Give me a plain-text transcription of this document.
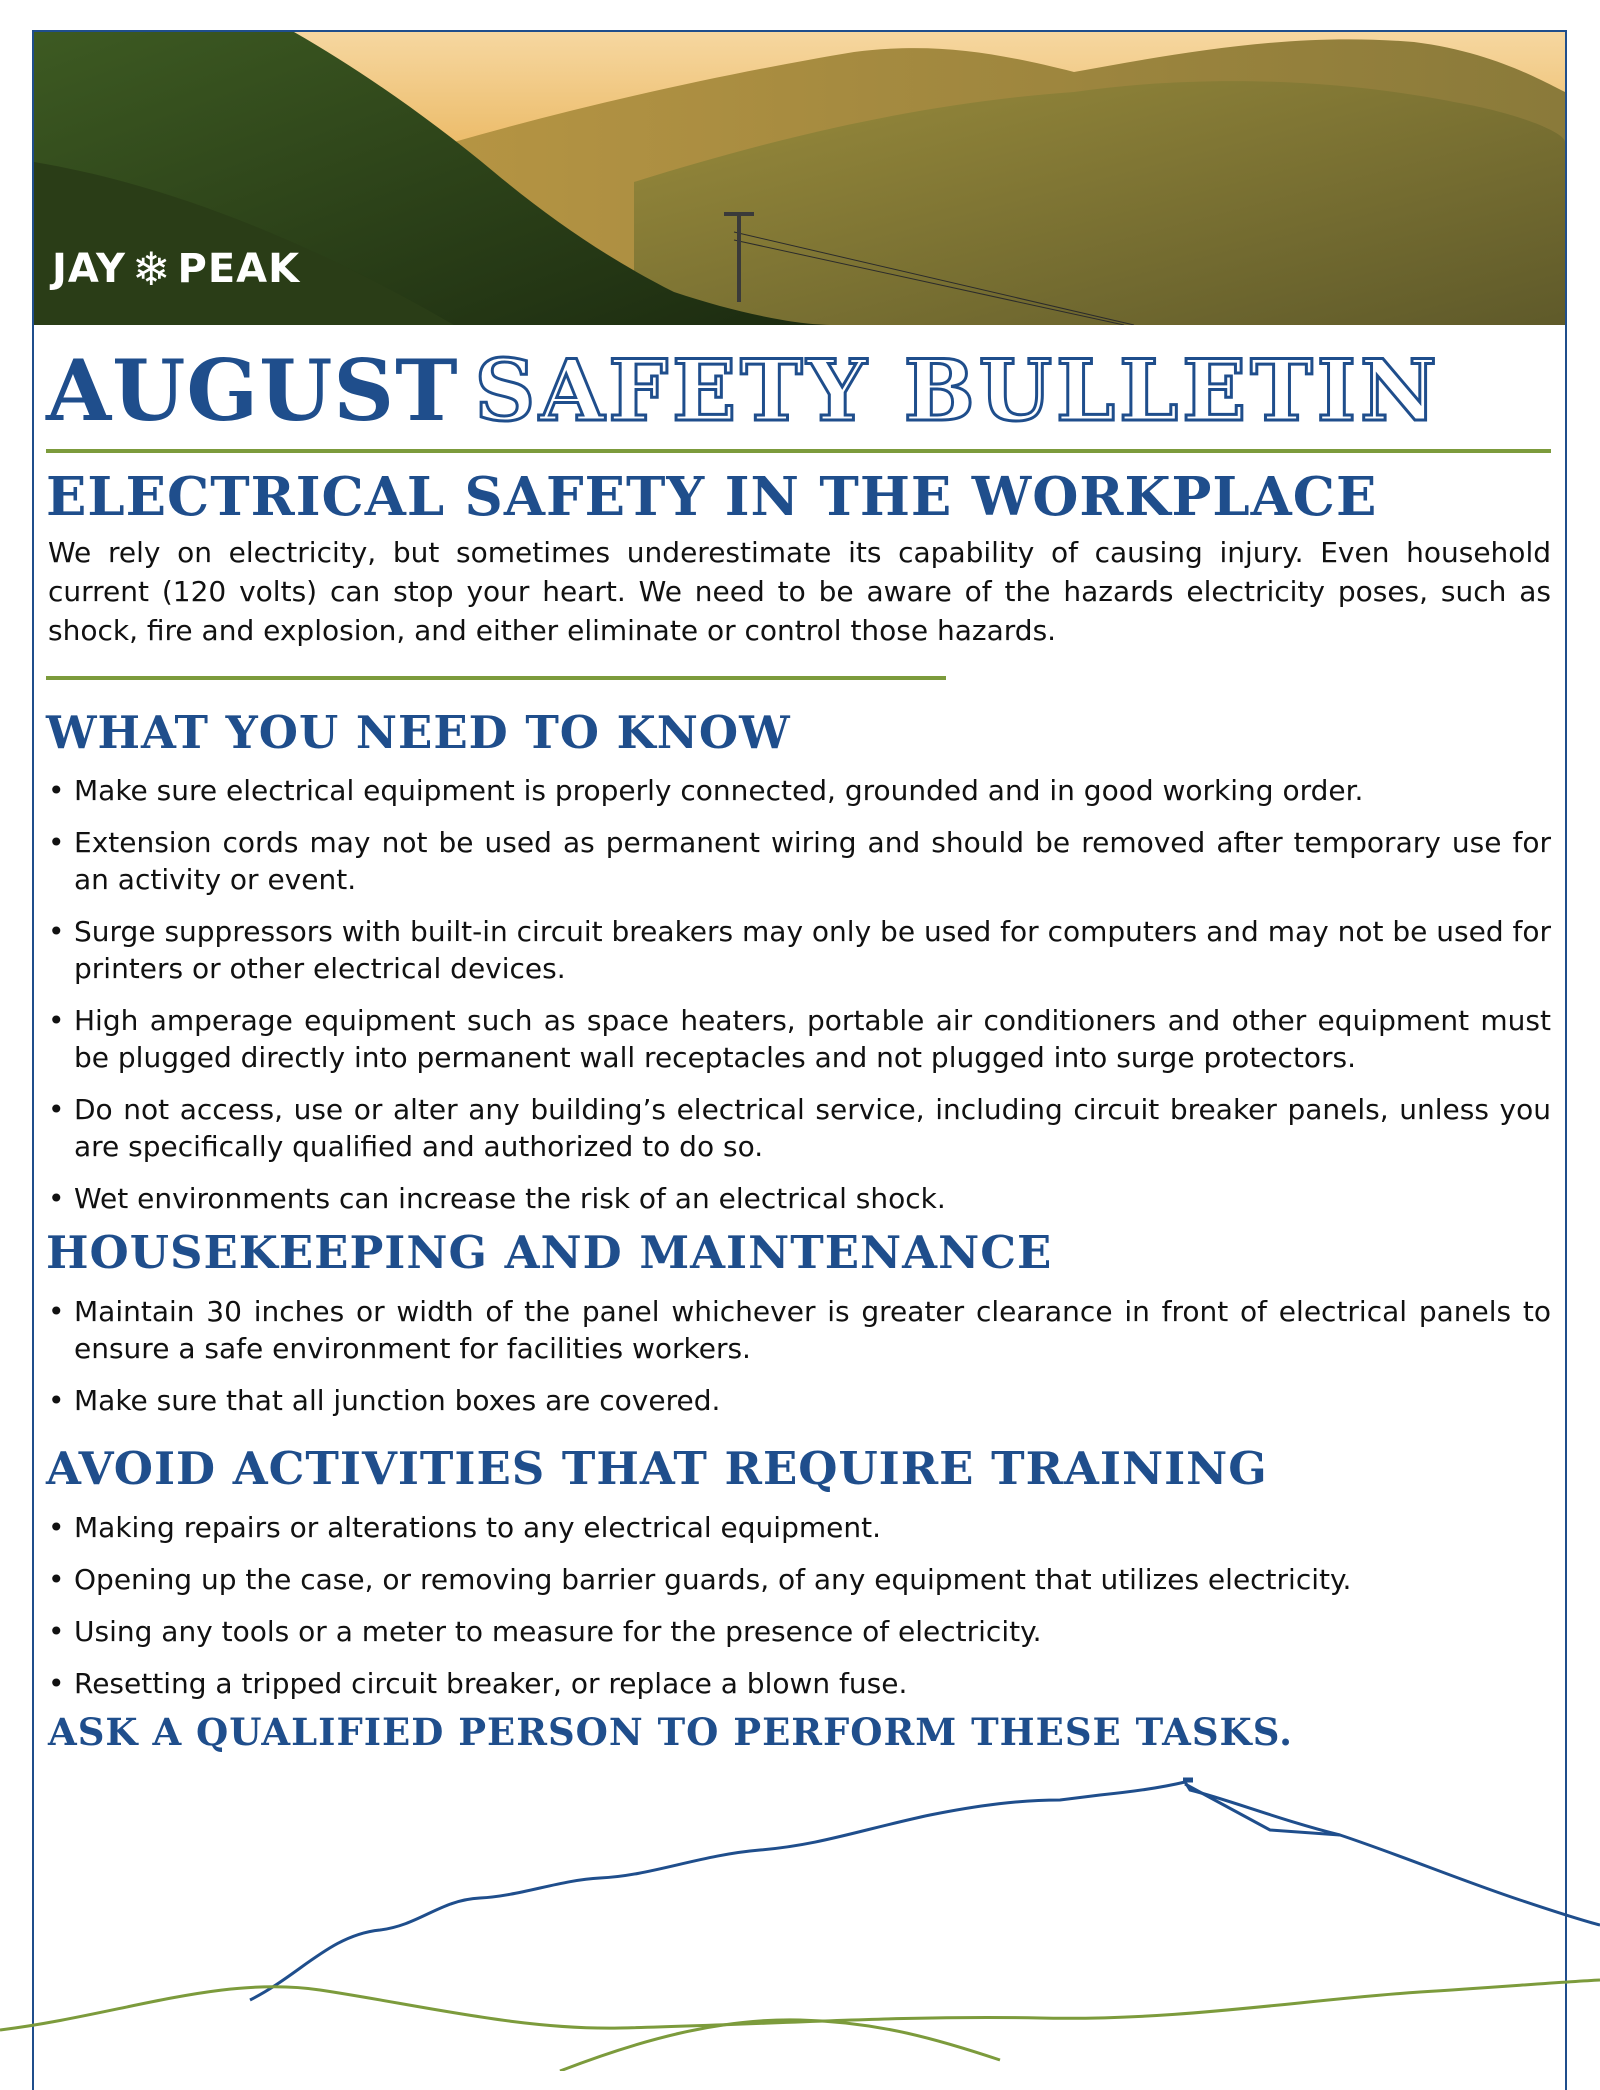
JAY ❄ PEAK
AUGUST SAFETY BULLETIN
ELECTRICAL SAFETY IN THE WORKPLACE

We rely on electricity, but sometimes underestimate its capability of causing injury. Even household current (120 volts) can stop your heart. We need to be aware of the hazards electricity poses, such as shock, fire and explosion, and either eliminate or control those hazards.

WHAT YOU NEED TO KNOW
• Make sure electrical equipment is properly connected, grounded and in good working order.
• Extension cords may not be used as permanent wiring and should be removed after temporary use for an activity or event.
• Surge suppressors with built-in circuit breakers may only be used for computers and may not be used for printers or other electrical devices.
• High amperage equipment such as space heaters, portable air conditioners and other equipment must be plugged directly into permanent wall receptacles and not plugged into surge protectors.
• Do not access, use or alter any building’s electrical service, including circuit breaker panels, unless you are specifically qualified and authorized to do so.
• Wet environments can increase the risk of an electrical shock.
HOUSEKEEPING AND MAINTENANCE
• Maintain 30 inches or width of the panel whichever is greater clearance in front of electrical panels to ensure a safe environment for facilities workers.
• Make sure that all junction boxes are covered.
AVOID ACTIVITIES THAT REQUIRE TRAINING
• Making repairs or alterations to any electrical equipment.
• Opening up the case, or removing barrier guards, of any equipment that utilizes electricity.
• Using any tools or a meter to measure for the presence of electricity.
• Resetting a tripped circuit breaker, or replace a blown fuse.

ASK A QUALIFIED PERSON TO PERFORM THESE TASKS.
